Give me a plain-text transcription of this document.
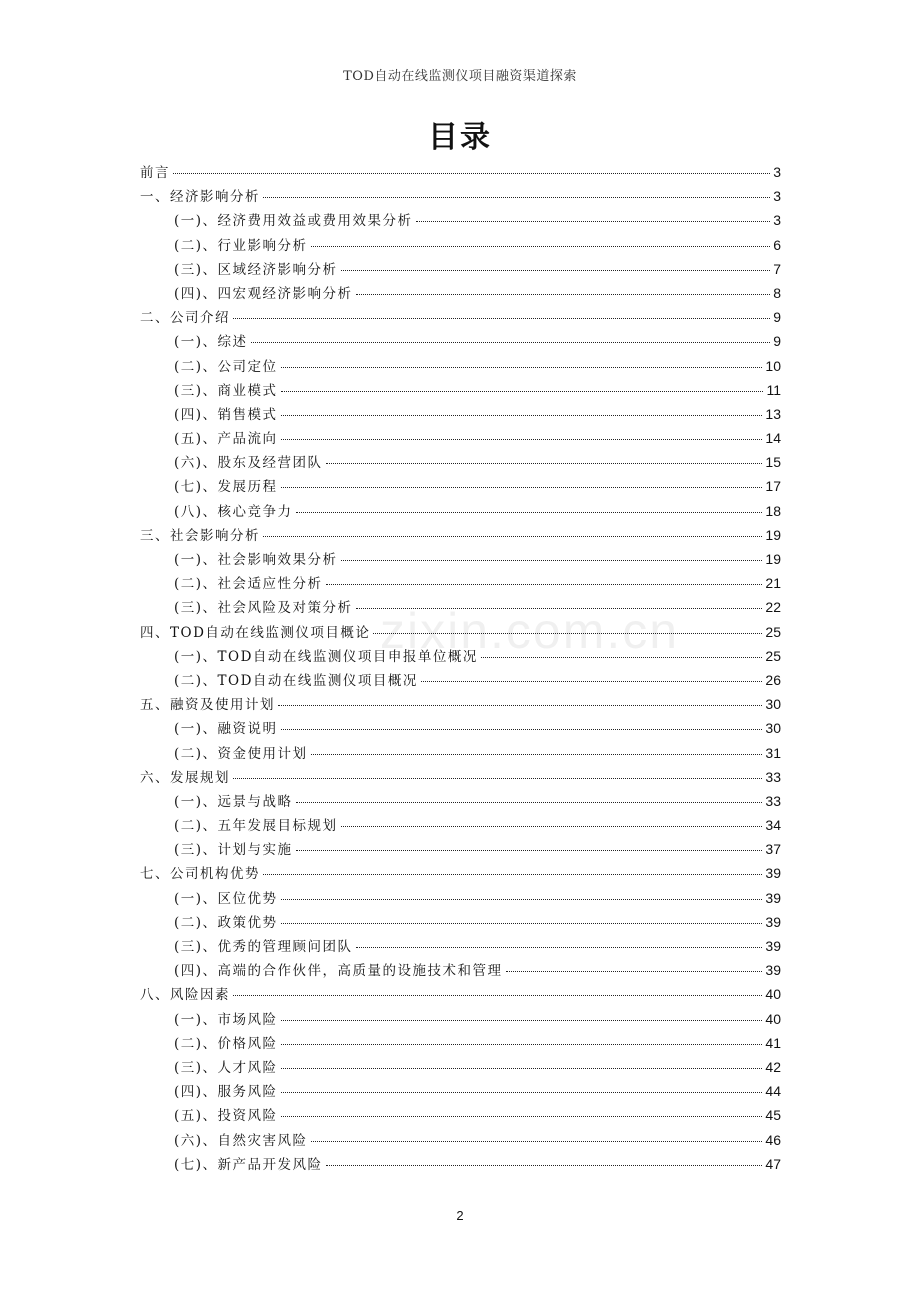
TOD自动在线监测仪项目融资渠道探索
目录
zixin.com.cn
前言	3
一、经济影响分析	3
(一)、经济费用效益或费用效果分析	3
(二)、行业影响分析	6
(三)、区域经济影响分析	7
(四)、四宏观经济影响分析	8
二、公司介绍	9
(一)、综述	9
(二)、公司定位	10
(三)、商业模式	11
(四)、销售模式	13
(五)、产品流向	14
(六)、股东及经营团队	15
(七)、发展历程	17
(八)、核心竞争力	18
三、社会影响分析	19
(一)、社会影响效果分析	19
(二)、社会适应性分析	21
(三)、社会风险及对策分析	22
四、TOD自动在线监测仪项目概论	25
(一)、TOD自动在线监测仪项目申报单位概况	25
(二)、TOD自动在线监测仪项目概况	26
五、融资及使用计划	30
(一)、融资说明	30
(二)、资金使用计划	31
六、发展规划	33
(一)、远景与战略	33
(二)、五年发展目标规划	34
(三)、计划与实施	37
七、公司机构优势	39
(一)、区位优势	39
(二)、政策优势	39
(三)、优秀的管理顾问团队	39
(四)、高端的合作伙伴，高质量的设施技术和管理	39
八、风险因素	40
(一)、市场风险	40
(二)、价格风险	41
(三)、人才风险	42
(四)、服务风险	44
(五)、投资风险	45
(六)、自然灾害风险	46
(七)、新产品开发风险	47
2
